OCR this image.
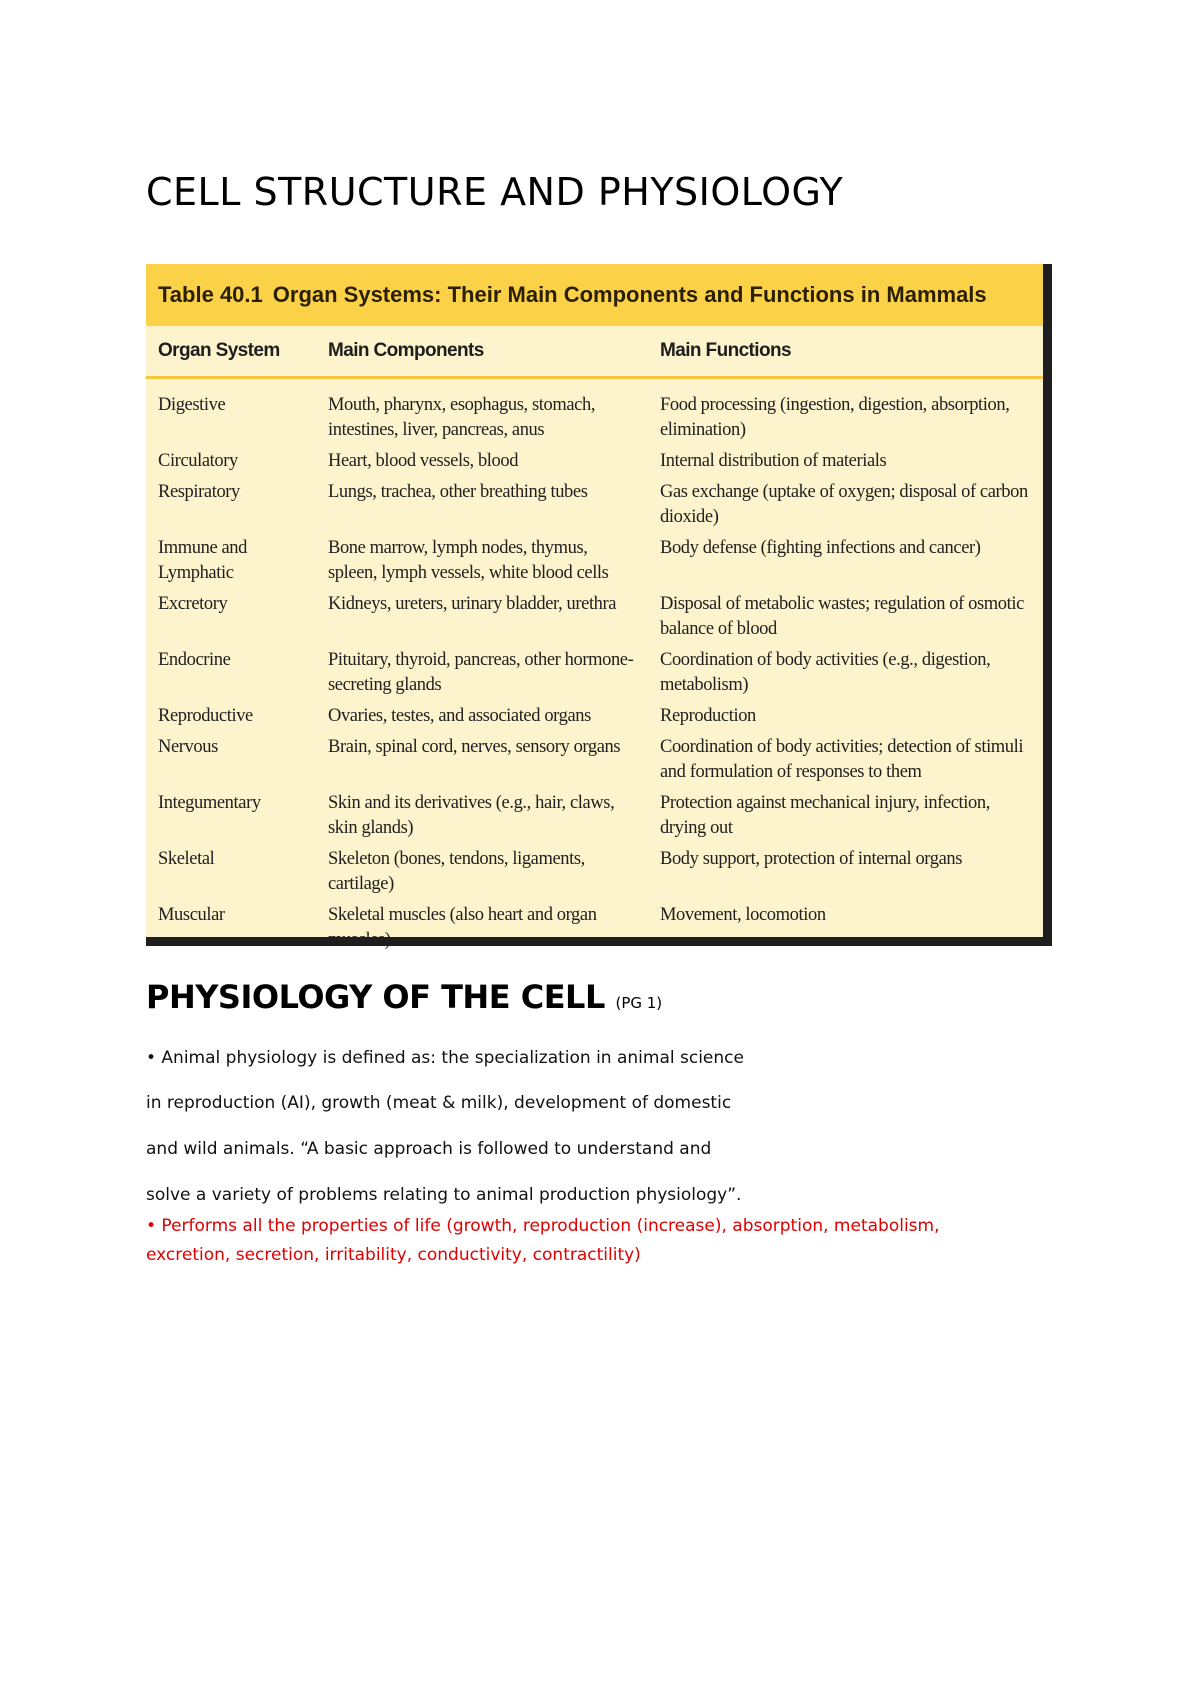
CELL STRUCTURE AND PHYSIOLOGY
Table 40.1 Organ Systems: Their Main Components and Functions in Mammals
Organ System	Main Components	Main Functions
Digestive	Mouth, pharynx, esophagus, stomach, intestines, liver, pancreas, anus	Food processing (ingestion, digestion, absorption, elimination)
Circulatory	Heart, blood vessels, blood	Internal distribution of materials
Respiratory	Lungs, trachea, other breathing tubes	Gas exchange (uptake of oxygen; disposal of carbon dioxide)
Immune and Lymphatic	Bone marrow, lymph nodes, thymus, spleen, lymph vessels, white blood cells	Body defense (fighting infections and cancer)
Excretory	Kidneys, ureters, urinary bladder, urethra	Disposal of metabolic wastes; regulation of osmotic balance of blood
Endocrine	Pituitary, thyroid, pancreas, other hormone-secreting glands	Coordination of body activities (e.g., digestion, metabolism)
Reproductive	Ovaries, testes, and associated organs	Reproduction
Nervous	Brain, spinal cord, nerves, sensory organs	Coordination of body activities; detection of stimuli and formulation of responses to them
Integumentary	Skin and its derivatives (e.g., hair, claws, skin glands)	Protection against mechanical injury, infection, drying out
Skeletal	Skeleton (bones, tendons, ligaments, cartilage)	Body support, protection of internal organs
Muscular	Skeletal muscles (also heart and organ muscles)	Movement, locomotion
PHYSIOLOGY OF THE CELL (PG 1)

• Animal physiology is defined as: the specialization in animal science

in reproduction (AI), growth (meat & milk), development of domestic

and wild animals. “A basic approach is followed to understand and

solve a variety of problems relating to animal production physiology”.

• Performs all the properties of life (growth, reproduction (increase), absorption, metabolism, excretion, secretion, irritability, conductivity, contractility)
